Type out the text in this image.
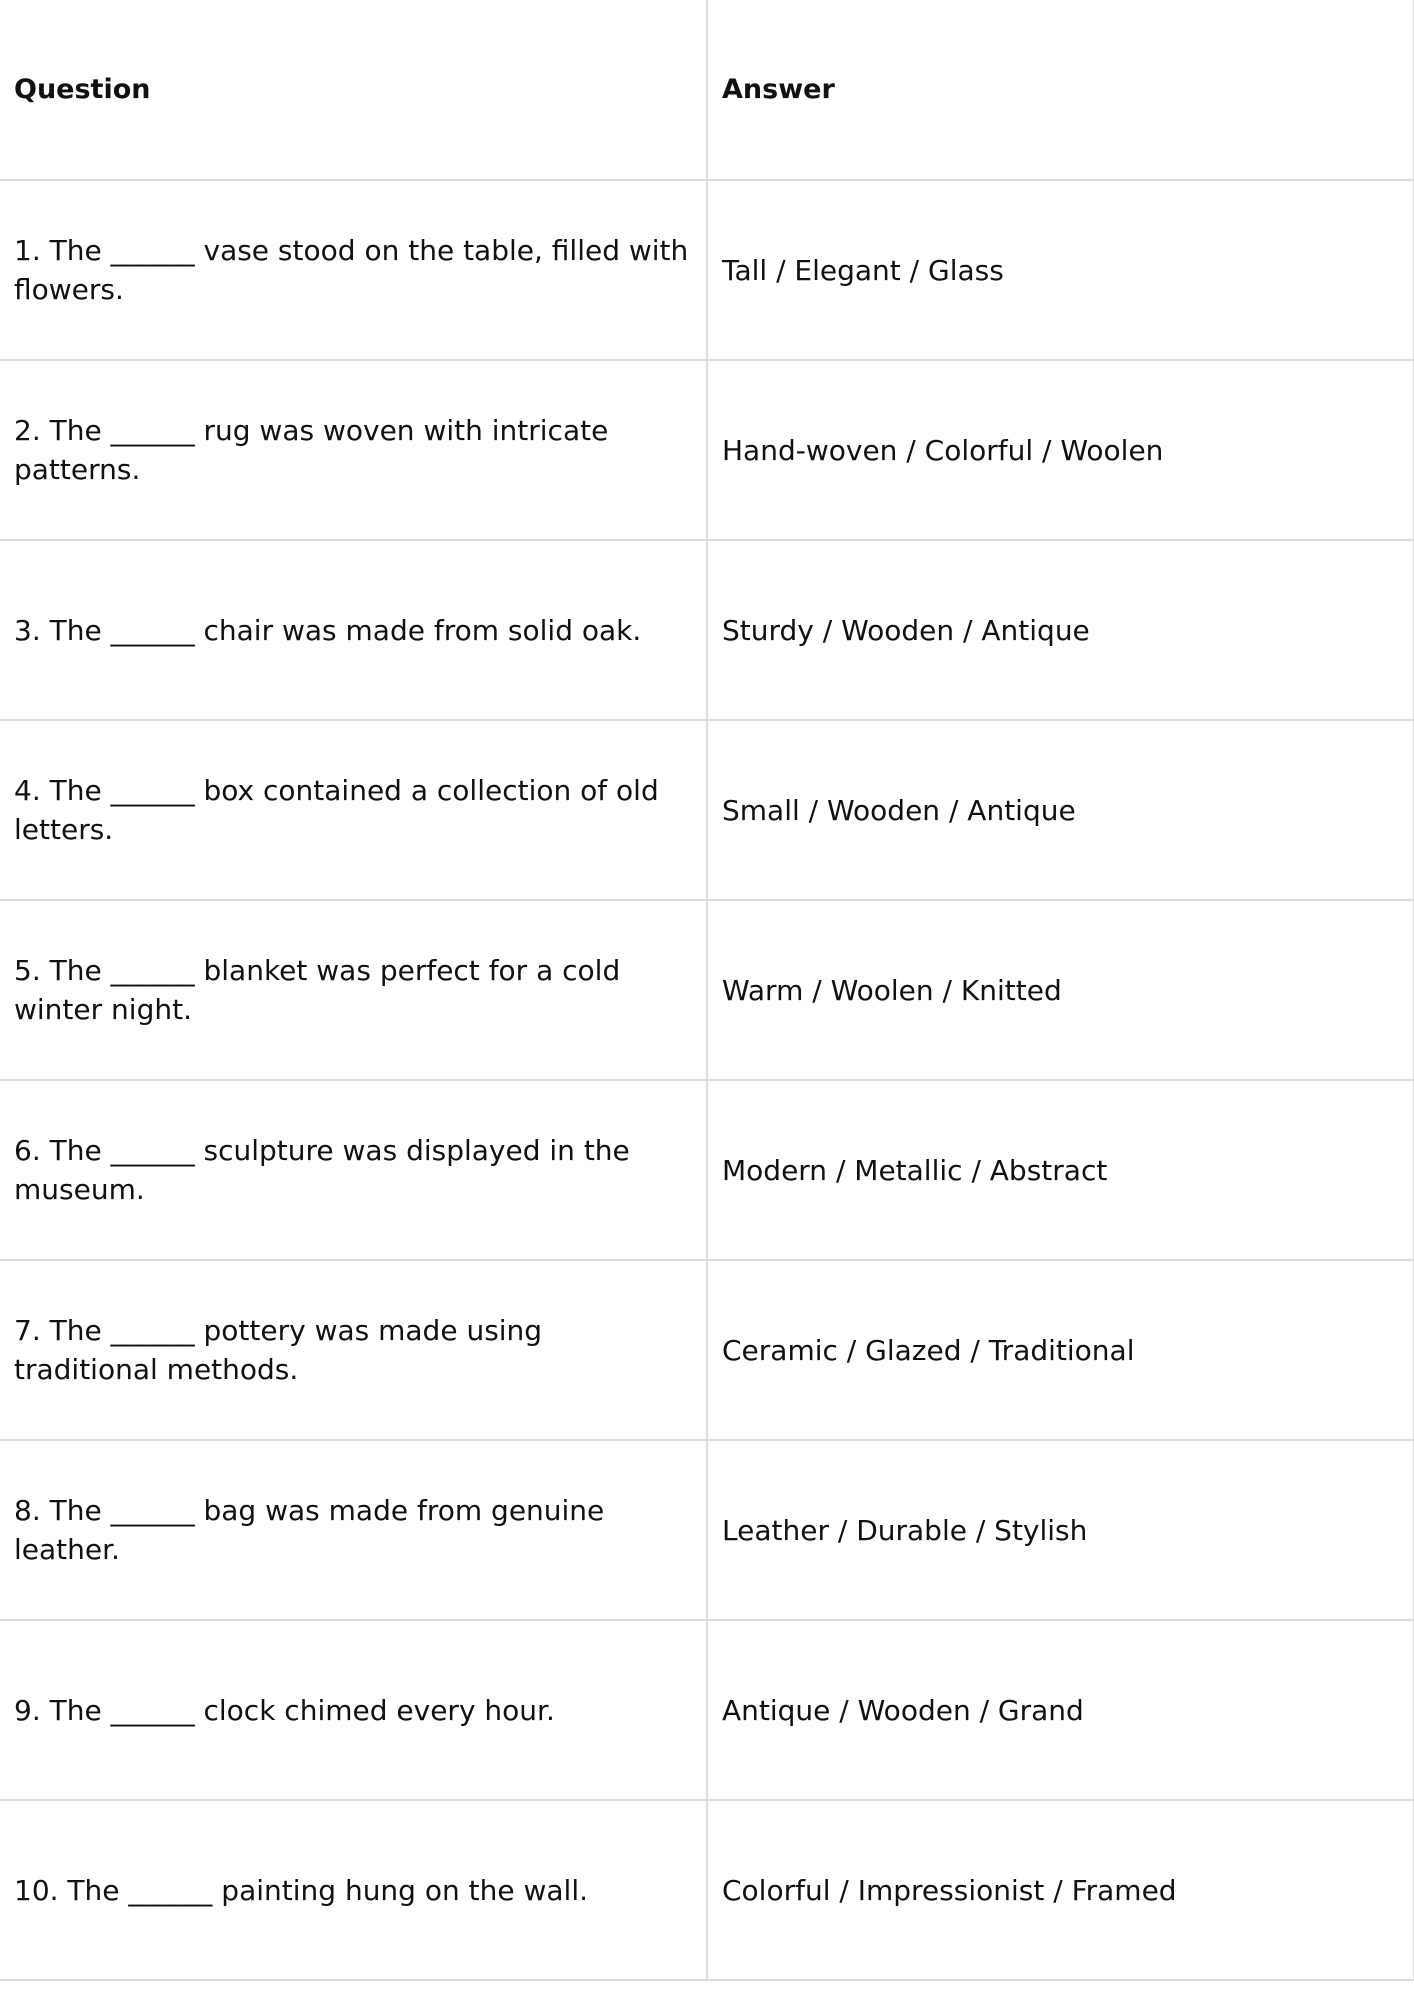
Question	Answer
1. The ______ vase stood on the table, filled with flowers.	Tall / Elegant / Glass
2. The ______ rug was woven with intricate patterns.	Hand-woven / Colorful / Woolen
3. The ______ chair was made from solid oak.	Sturdy / Wooden / Antique
4. The ______ box contained a collection of old letters.	Small / Wooden / Antique
5. The ______ blanket was perfect for a cold winter night.	Warm / Woolen / Knitted
6. The ______ sculpture was displayed in the museum.	Modern / Metallic / Abstract
7. The ______ pottery was made using traditional methods.	Ceramic / Glazed / Traditional
8. The ______ bag was made from genuine leather.	Leather / Durable / Stylish
9. The ______ clock chimed every hour.	Antique / Wooden / Grand
10. The ______ painting hung on the wall.	Colorful / Impressionist / Framed
